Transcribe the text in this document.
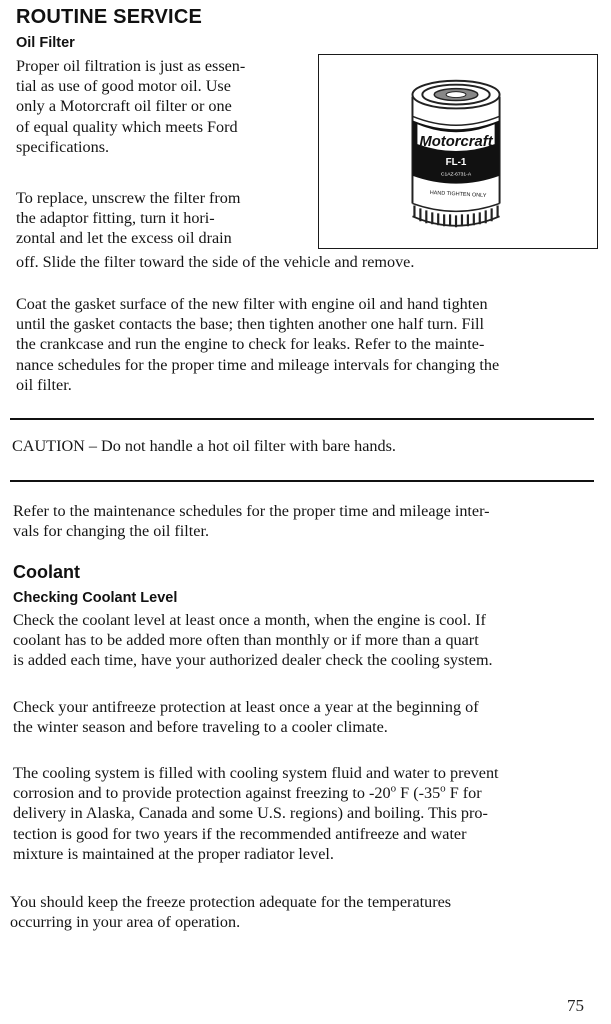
ROUTINE SERVICE
Oil Filter
Proper oil filtration is just as essen-
tial as use of good motor oil. Use
only a Motorcraft oil filter or one
of equal quality which meets Ford
specifications.	Motorcraft
FL-1
C1AZ-6731-A
HAND TIGHTEN ONLY
To replace, unscrew the filter from
the adaptor fitting, turn it hori-
zontal and let the excess oil drain
off. Slide the filter toward the side of the vehicle and remove.
Coat the gasket surface of the new filter with engine oil and hand tighten
until the gasket contacts the base; then tighten another one half turn. Fill
the crankcase and run the engine to check for leaks. Refer to the mainte-
nance schedules for the proper time and mileage intervals for changing the
oil filter.
CAUTION – Do not handle a hot oil filter with bare hands.
Refer to the maintenance schedules for the proper time and mileage inter-
vals for changing the oil filter.
Coolant
Checking Coolant Level
Check the coolant level at least once a month, when the engine is cool. If
coolant has to be added more often than monthly or if more than a quart
is added each time, have your authorized dealer check the cooling system.
Check your antifreeze protection at least once a year at the beginning of
the winter season and before traveling to a cooler climate.
The cooling system is filled with cooling system fluid and water to prevent
corrosion and to provide protection against freezing to -20$^o$ F (-35$^o$ F for
delivery in Alaska, Canada and some U.S. regions) and boiling. This pro-
tection is good for two years if the recommended antifreeze and water
mixture is maintained at the proper radiator level.
You should keep the freeze protection adequate for the temperatures
occurring in your area of operation.
75
